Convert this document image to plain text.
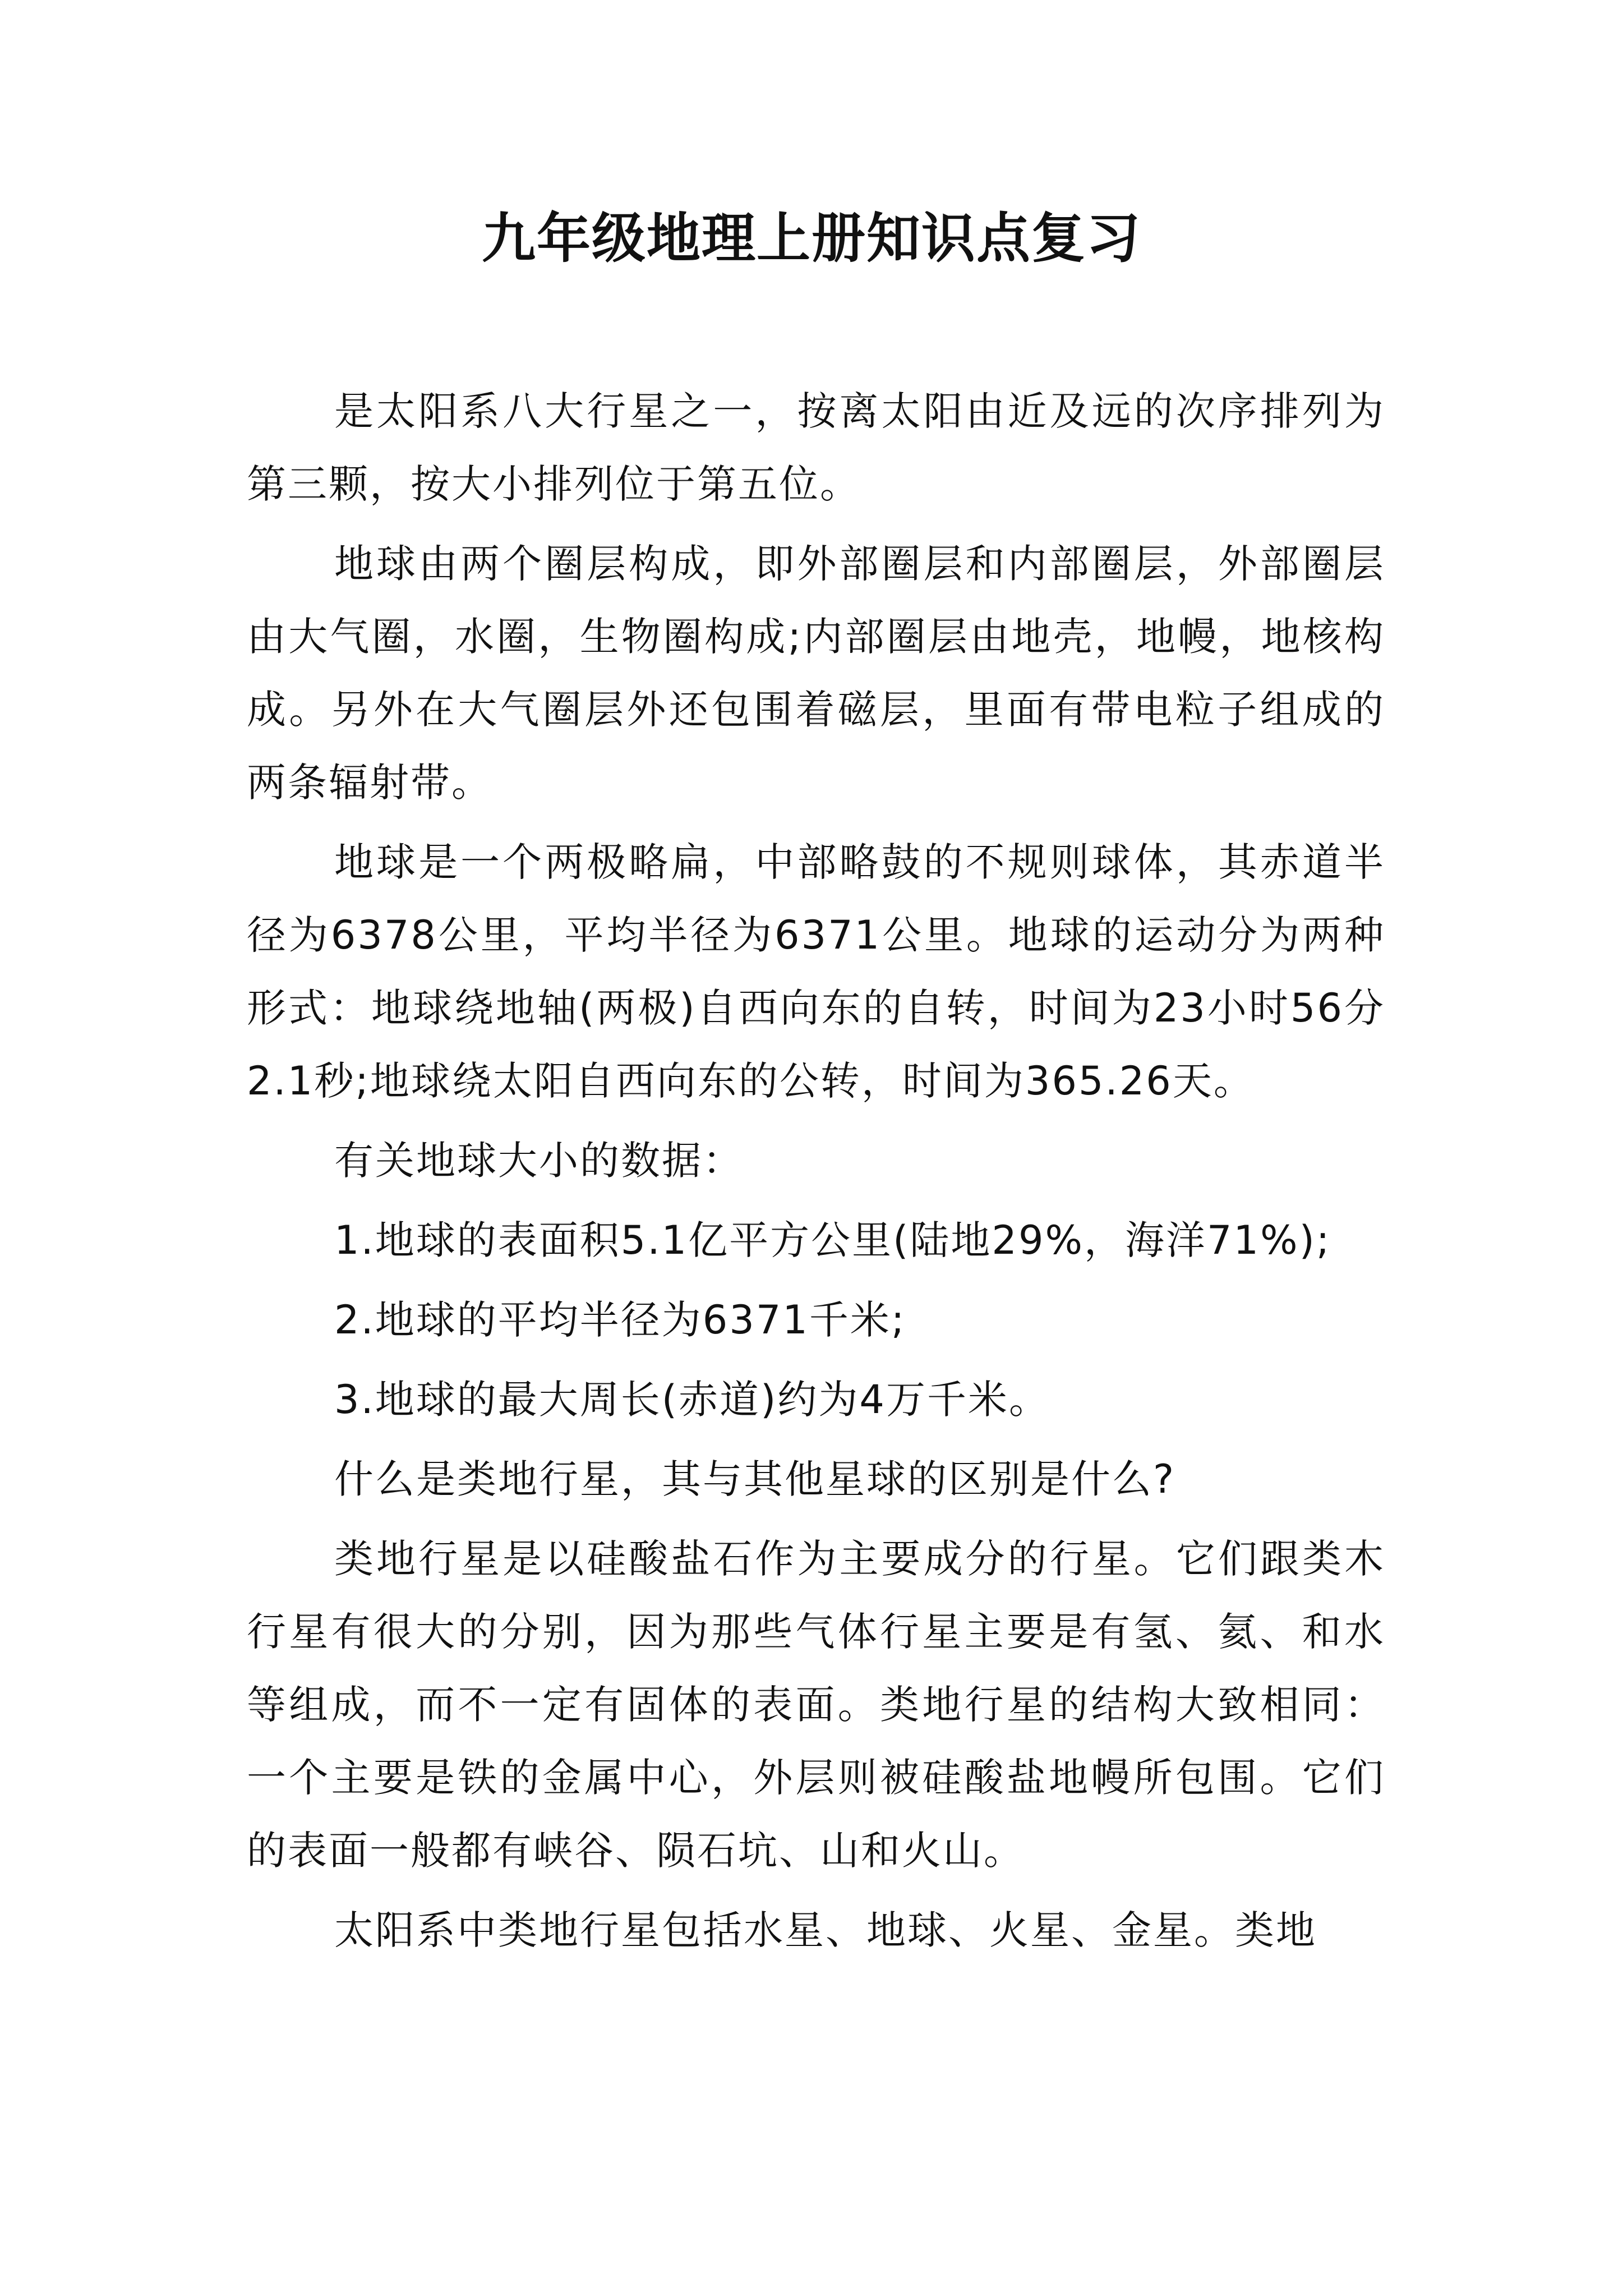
九年级地理上册知识点复习

是太阳系八大行星之一，按离太阳由近及远的次序排列为第三颗，按大小排列位于第五位。

地球由两个圈层构成，即外部圈层和内部圈层，外部圈层由大气圈，水圈，生物圈构成;内部圈层由地壳，地幔，地核构成。另外在大气圈层外还包围着磁层，里面有带电粒子组成的两条辐射带。

地球是一个两极略扁，中部略鼓的不规则球体，其赤道半径为6378公里，平均半径为6371公里。地球的运动分为两种形式：地球绕地轴(两极)自西向东的自转，时间为23小时56分2.1秒;地球绕太阳自西向东的公转，时间为365.26天。

有关地球大小的数据：

1.地球的表面积5.1亿平方公里(陆地29%，海洋71%);

2.地球的平均半径为6371千米;

3.地球的最大周长(赤道)约为4万千米。

什么是类地行星，其与其他星球的区别是什么?

类地行星是以硅酸盐石作为主要成分的行星。它们跟类木行星有很大的分别，因为那些气体行星主要是有氢、氦、和水等组成，而不一定有固体的表面。类地行星的结构大致相同：一个主要是铁的金属中心，外层则被硅酸盐地幔所包围。它们的表面一般都有峡谷、陨石坑、山和火山。

太阳系中类地行星包括水星、地球、火星、金星。类地
